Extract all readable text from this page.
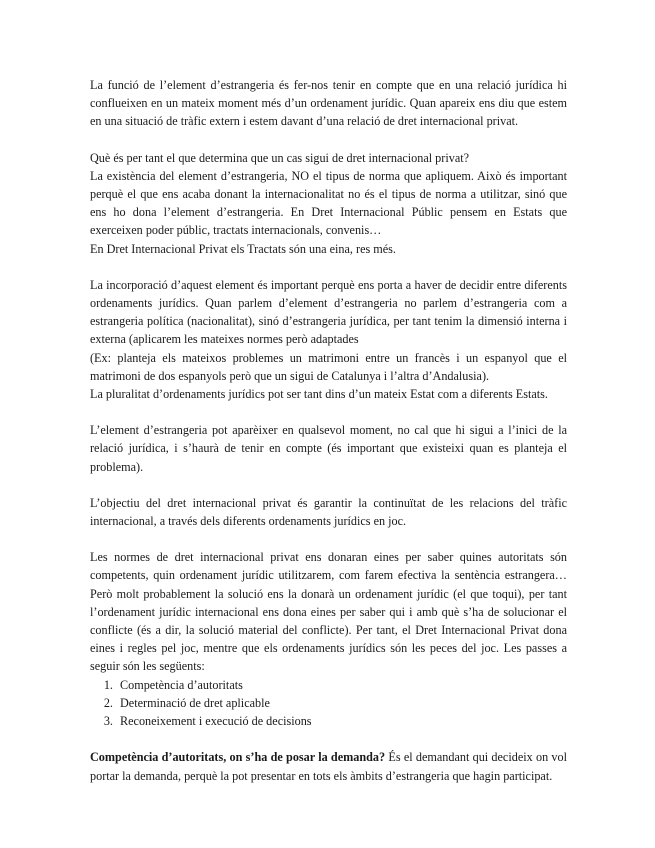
La funció de l’element d’estrangeria és fer-nos tenir en compte que en una relació jurídica hi conflueixen en un mateix moment més d’un ordenament jurídic. Quan apareix ens diu que estem en una situació de tràfic extern i estem davant d’una relació de dret internacional privat.

Què és per tant el que determina que un cas sigui de dret internacional privat?

La existència del element d’estrangeria, NO el tipus de norma que apliquem. Això és important perquè el que ens acaba donant la internacionalitat no és el tipus de norma a utilitzar, sinó que ens ho dona l’element d’estrangeria. En Dret Internacional Públic pensem en Estats que exerceixen poder públic, tractats internacionals, convenis…

En Dret Internacional Privat els Tractats són una eina, res més.

La incorporació d’aquest element és important perquè ens porta a haver de decidir entre diferents ordenaments jurídics. Quan parlem d’element d’estrangeria no parlem d’estrangeria com a estrangeria política (nacionalitat), sinó d’estrangeria jurídica, per tant tenim la dimensió interna i externa (aplicarem les mateixes normes però adaptades

(Ex: planteja els mateixos problemes un matrimoni entre un francès i un espanyol que el matrimoni de dos espanyols però que un sigui de Catalunya i l’altra d’Andalusia).

La pluralitat d’ordenaments jurídics pot ser tant dins d’un mateix Estat com a diferents Estats.

L’element d’estrangeria pot aparèixer en qualsevol moment, no cal que hi sigui a l’inici de la relació jurídica, i s’haurà de tenir en compte (és important que existeixi quan es planteja el problema).

L’objectiu del dret internacional privat és garantir la continuïtat de les relacions del tràfic internacional, a través dels diferents ordenaments jurídics en joc.

Les normes de dret internacional privat ens donaran eines per saber quines autoritats són competents, quin ordenament jurídic utilitzarem, com farem efectiva la sentència estrangera… Però molt probablement la solució ens la donarà un ordenament jurídic (el que toqui), per tant l’ordenament jurídic internacional ens dona eines per saber qui i amb què s’ha de solucionar el conflicte (és a dir, la solució material del conflicte). Per tant, el Dret Internacional Privat dona eines i regles pel joc, mentre que els ordenaments jurídics són les peces del joc. Les passes a seguir són les següents:

1. Competència d’autoritats
2. Determinació de dret aplicable
3. Reconeixement i execució de decisions

Competència d’autoritats, on s’ha de posar la demanda? És el demandant qui decideix on vol portar la demanda, perquè la pot presentar en tots els àmbits d’estrangeria que hagin participat.
